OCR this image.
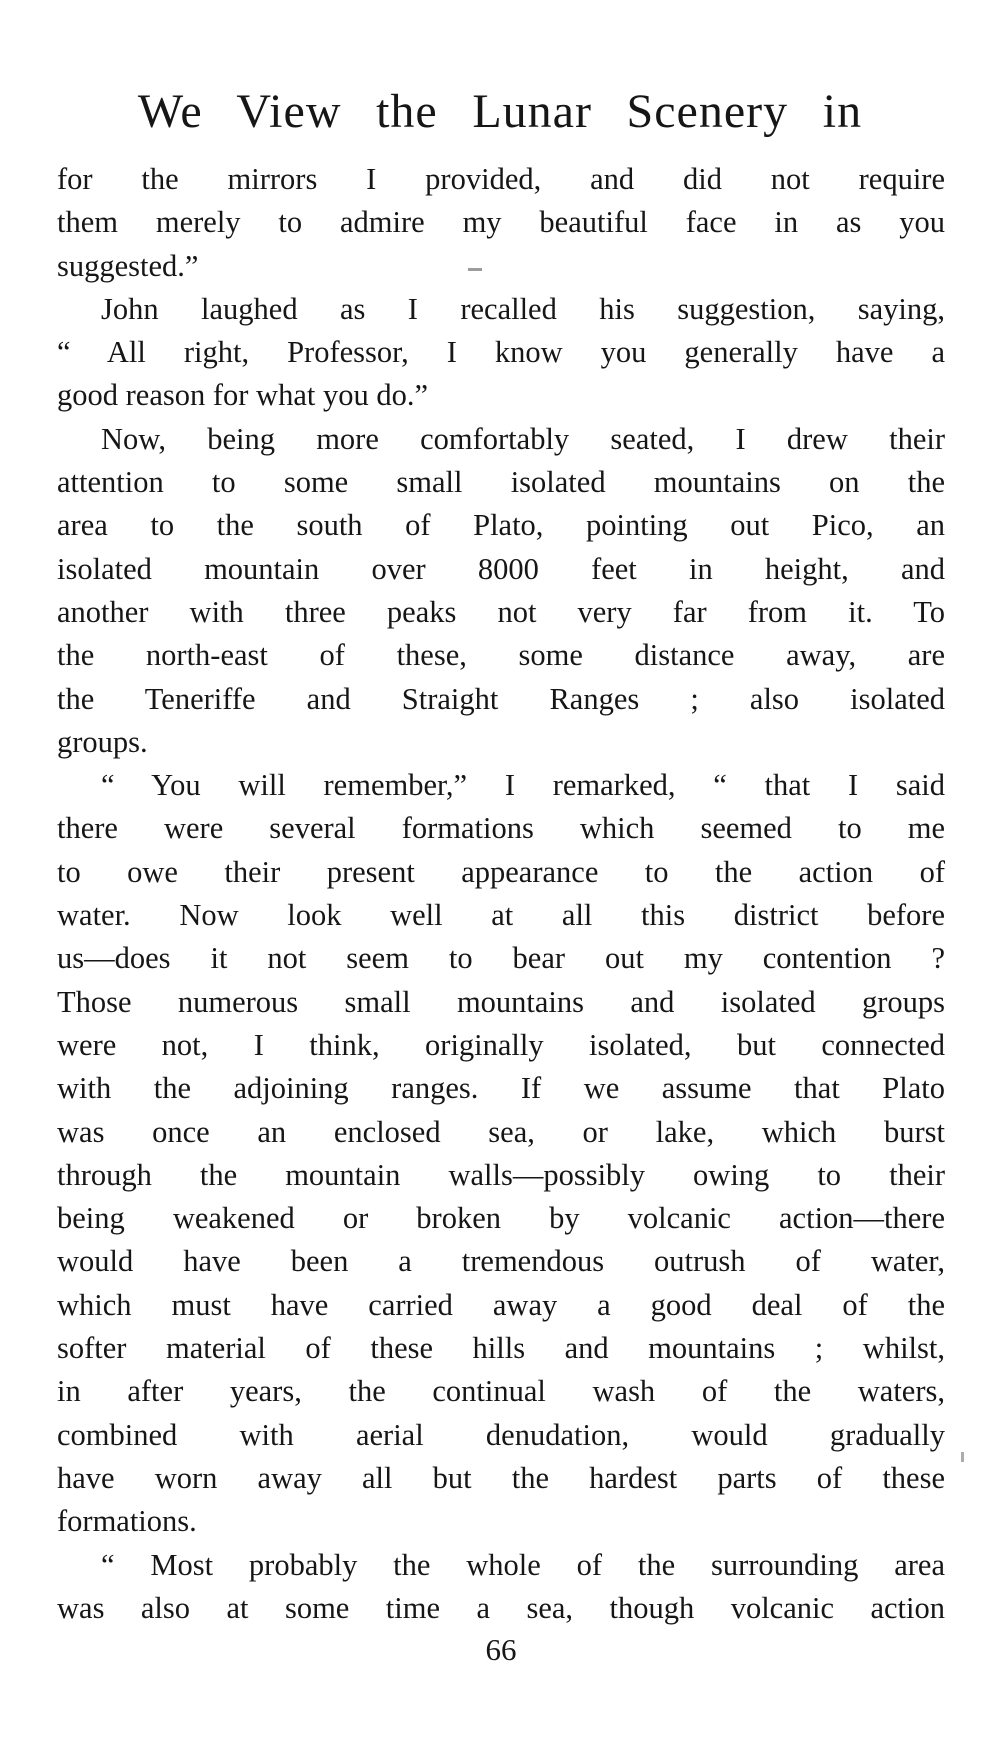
We View the Lunar Scenery in
for the mirrors I provided, and did not require
them merely to admire my beautiful face in as you
suggested.”
John laughed as I recalled his suggestion, saying,
“ All right, Professor, I know you generally have a
good reason for what you do.”
Now, being more comfortably seated, I drew their
attention to some small isolated mountains on the
area to the south of Plato, pointing out Pico, an
isolated mountain over 8000 feet in height, and
another with three peaks not very far from it. To
the north-east of these, some distance away, are
the Teneriffe and Straight Ranges ; also isolated
groups.
“ You will remember,” I remarked, “ that I said
there were several formations which seemed to me
to owe their present appearance to the action of
water. Now look well at all this district before
us—does it not seem to bear out my contention ?
Those numerous small mountains and isolated groups
were not, I think, originally isolated, but connected
with the adjoining ranges. If we assume that Plato
was once an enclosed sea, or lake, which burst
through the mountain walls—possibly owing to their
being weakened or broken by volcanic action—there
would have been a tremendous outrush of water,
which must have carried away a good deal of the
softer material of these hills and mountains ; whilst,
in after years, the continual wash of the waters,
combined with aerial denudation, would gradually
have worn away all but the hardest parts of these
formations.
“ Most probably the whole of the surrounding area
was also at some time a sea, though volcanic action
66
